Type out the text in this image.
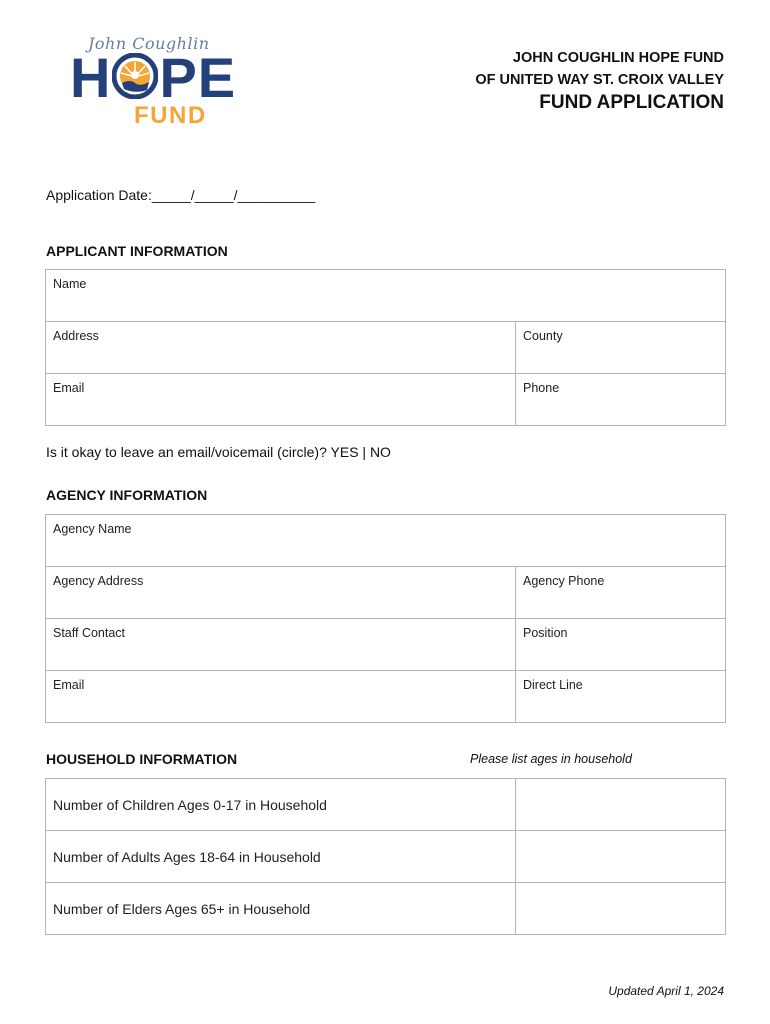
John Coughlin
H PE
FUND
JOHN COUGHLIN HOPE FUND
OF UNITED WAY ST. CROIX VALLEY
FUND APPLICATION
Application Date:_____/_____/__________
APPLICANT INFORMATION
Name	
Address	County
Email	Phone
Is it okay to leave an email/voicemail (circle)? YES | NO
AGENCY INFORMATION
Agency Name	
Agency Address	Agency Phone
Staff Contact	Position
Email	Direct Line
HOUSEHOLD INFORMATION	Please list ages in household
Number of Children Ages 0-17 in Household	
Number of Adults Ages 18-64 in Household	
Number of Elders Ages 65+ in Household	
Updated April 1, 2024
